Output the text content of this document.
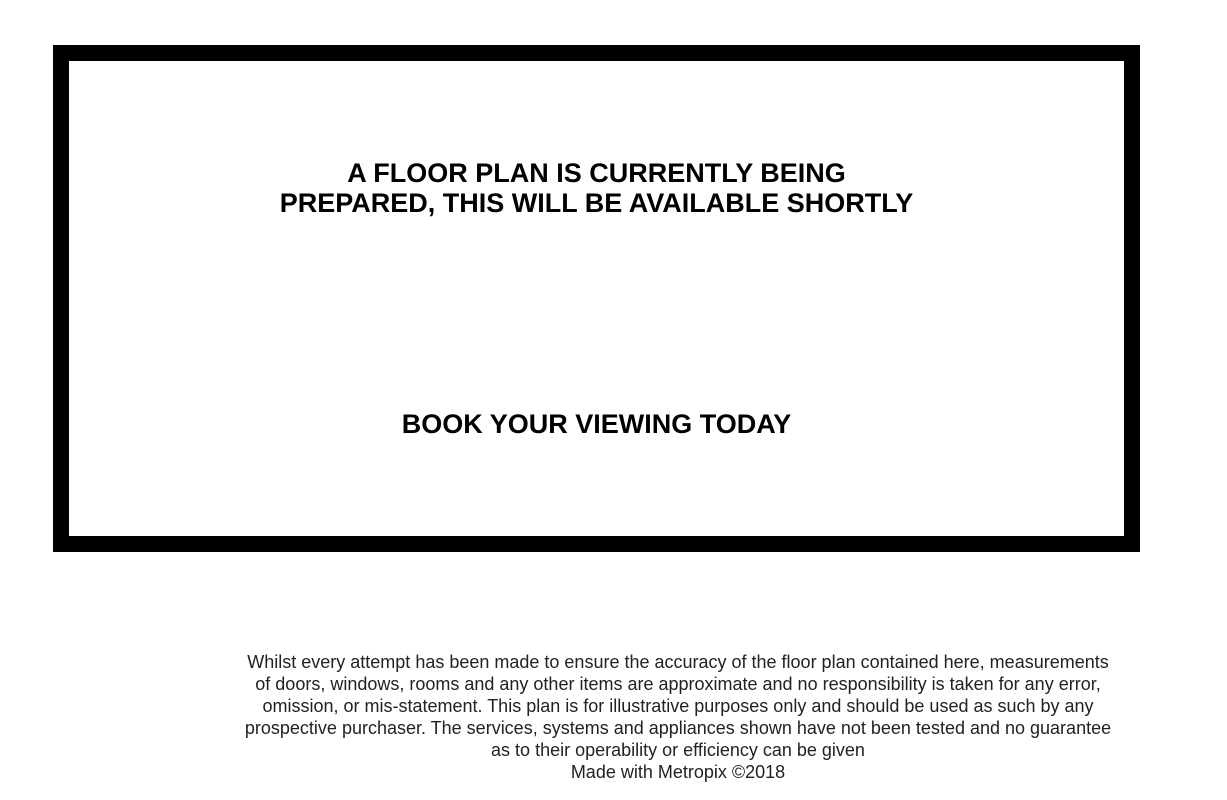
A FLOOR PLAN IS CURRENTLY BEING
PREPARED, THIS WILL BE AVAILABLE SHORTLY
BOOK YOUR VIEWING TODAY
Whilst every attempt has been made to ensure the accuracy of the floor plan contained here, measurements
of doors, windows, rooms and any other items are approximate and no responsibility is taken for any error,
omission, or mis-statement. This plan is for illustrative purposes only and should be used as such by any
prospective purchaser. The services, systems and appliances shown have not been tested and no guarantee
as to their operability or efficiency can be given
Made with Metropix ©2018
